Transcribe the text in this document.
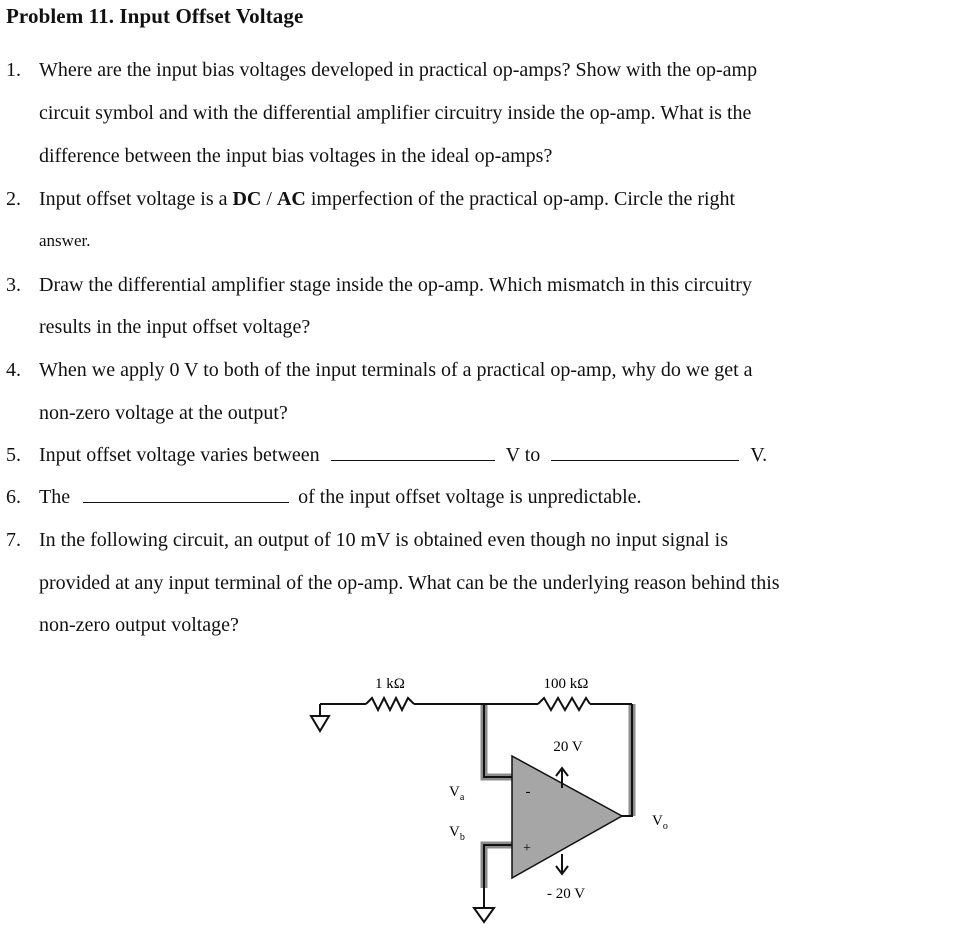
Problem 11. Input Offset Voltage
1. Where are the input bias voltages developed in practical op-amps? Show with the op-amp
circuit symbol and with the differential amplifier circuitry inside the op-amp. What is the
difference between the input bias voltages in the ideal op-amps?
2. Input offset voltage is a DC / AC imperfection of the practical op-amp. Circle the right
answer.
3. Draw the differential amplifier stage inside the op-amp. Which mismatch in this circuitry
results in the input offset voltage?
4. When we apply 0 V to both of the input terminals of a practical op-amp, why do we get a
non-zero voltage at the output?
5. Input offset voltage varies between	V to	V.
6. The	of the input offset voltage is unpredictable.
7. In the following circuit, an output of 10 mV is obtained even though no input signal is
provided at any input terminal of the op-amp. What can be the underlying reason behind this
non-zero output voltage?
1 kΩ	100 kΩ
20 V
- 20 V
-
+
$V_a$
$V_b$
$V_o$
